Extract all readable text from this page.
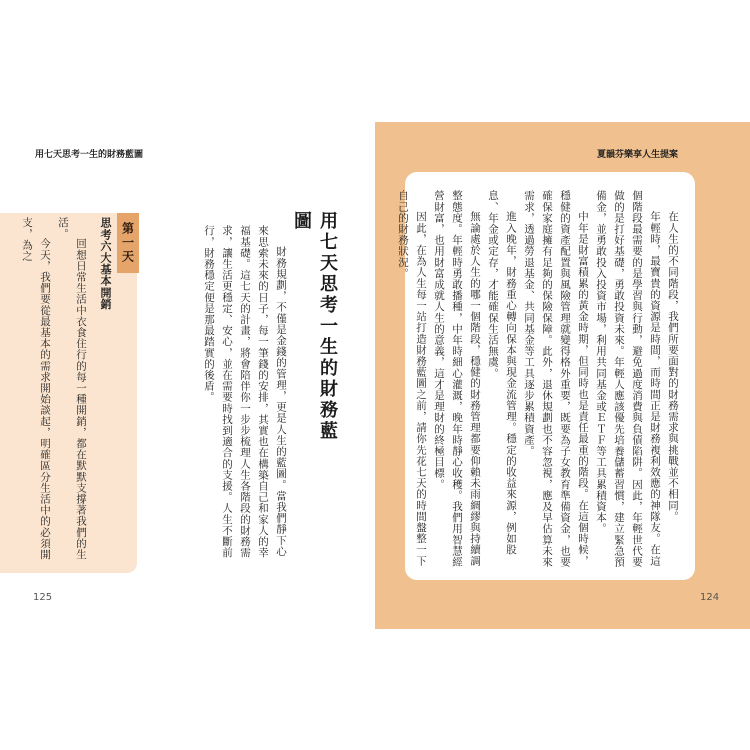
用七天思考一生的財務藍圖
用七天思考一生的財務藍圖

財務規劃，不僅是金錢的管理，更是人生的藍圖。當我們靜下心來思索未來的日子，每一筆錢的安排，其實也在構築自己和家人的幸福基礎。這七天的計畫，將會陪伴你一步步梳理人生各階段的財務需求，讓生活更穩定、安心，並在需要時找到適合的支援。人生不斷前行，財務穩定便是那最踏實的後盾。

第一天

思考六大基本開銷

回想日常生活中衣食住行的每一種開銷，都在默默支撐著我們的生活。

今天，我們要從最基本的需求開始談起，明確區分生活中的必須開支，為之

125
夏韻芬樂享人生提案

在人生的不同階段，我們所要面對的財務需求與挑戰並不相同。

年輕時，最寶貴的資源是時間，而時間正是財務複利效應的神隊友。在這個階段最需要的是學習與行動，避免過度消費與負債陷阱。因此，年輕世代要做的是打好基礎，勇敢投資未來。年輕人應該優先培養儲蓄習慣，建立緊急預備金，並勇敢投入投資市場，利用共同基金或ＥＴＦ等工具累積資本。

中年是財富積累的黃金時期，但同時也是責任最重的階段。在這個時候，穩健的資產配置與風險管理就變得格外重要，既要為子女教育準備資金，也要確保家庭擁有足夠的保險保障。此外，退休規劃也不容忽視，應及早估算未來需求，透過勞退基金、共同基金等工具逐步累積資產。

進入晚年，財務重心轉向保本與現金流管理。穩定的收益來源，例如股息、年金或定存，才能確保生活無虞。

無論處於人生的哪一個階段，穩健的財務管理都要仰賴未雨綢繆與持續調整態度。年輕時勇敢播種，中年時細心灌溉，晚年時靜心收穫。我們用智慧經營財富，也用財富成就人生的意義，這才是理財的終極目標。

因此，在為人生每一站打造財務藍圖之前，請你先花七天的時間盤整一下自己的財務狀況。

124
